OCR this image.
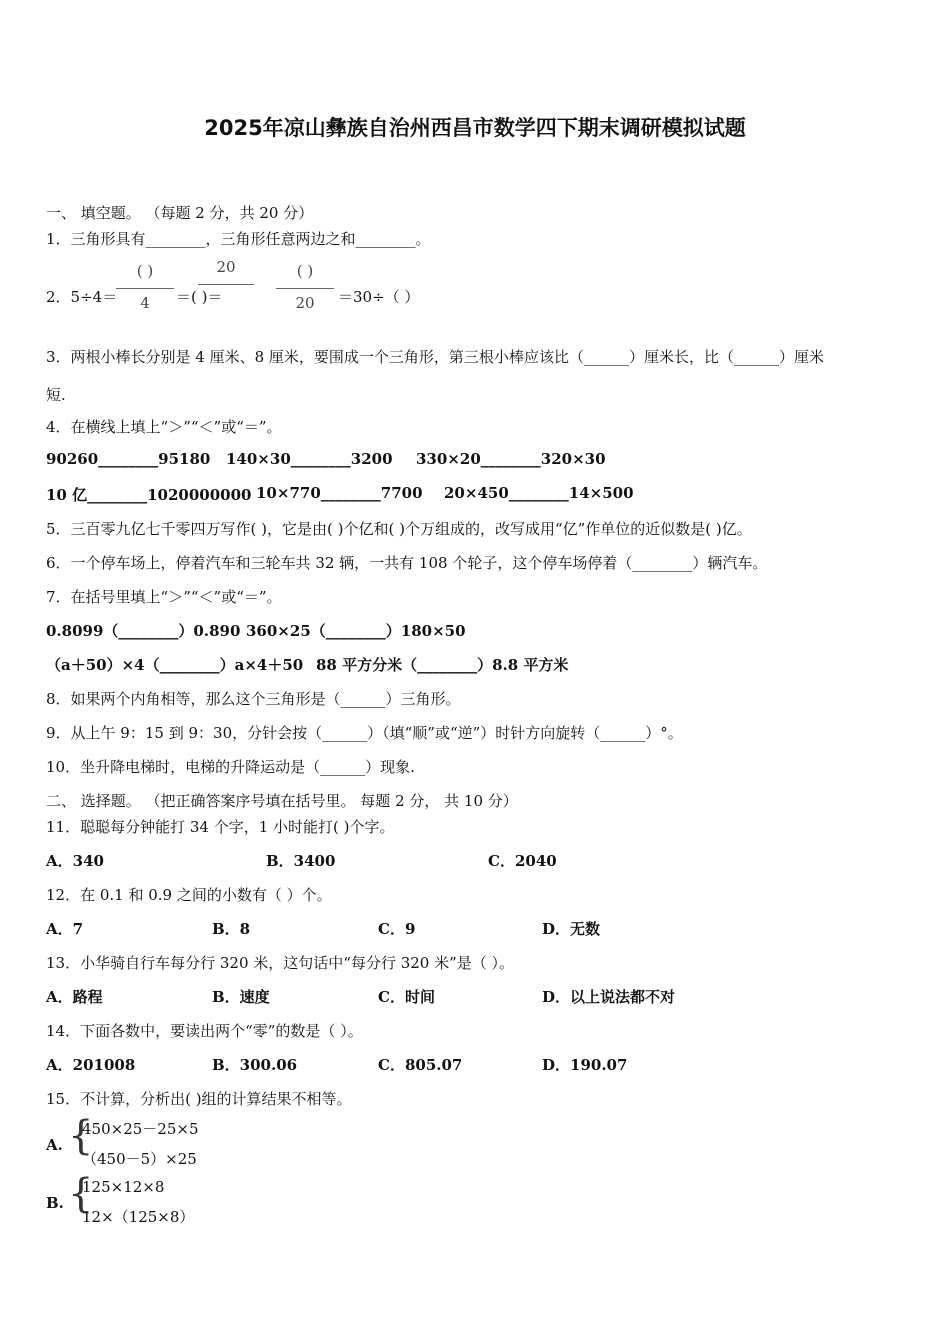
2025年凉山彝族自治州西昌市数学四下期末调研模拟试题
一、 填空题。 （每题 2 分，共 20 分）
1．三角形具有________，三角形任意两边之和________。
2．5÷4＝
( )
4	＝( )＝
20	( )
20	＝30÷（ ）
3．两根小棒长分别是 4 厘米、8 厘米，要围成一个三角形，第三根小棒应该比（______）厘米长，比（______）厘米
短.
4．在横线上填上“＞”“＜”或“＝”。
90260________95180 140×30________3200 330×20________320×30
10 亿________1020000000 10×770________7700 20×450________14×500
5．三百零九亿七千零四万写作( )，它是由( )个亿和( )个万组成的，改写成用“亿”作单位的近似数是( )亿。
6．一个停车场上，停着汽车和三轮车共 32 辆，一共有 108 个轮子，这个停车场停着（________）辆汽车。
7．在括号里填上“＞”“＜”或“＝”。
0.8099（________）0.890 360×25（________）180×50
（a＋50）×4（________）a×4＋50 88 平方分米（________）8.8 平方米
8．如果两个内角相等，那么这个三角形是（______）三角形。
9．从上午 9：15 到 9：30，分针会按（______）（填“顺”或“逆”）时针方向旋转（______）°。
10．坐升降电梯时，电梯的升降运动是（______）现象.
二、 选择题。 （把正确答案序号填在括号里。 每题 2 分， 共 10 分）
11．聪聪每分钟能打 34 个字，1 小时能打( )个字。
A．340	B．3400	C．2040
12．在 0.1 和 0.9 之间的小数有（ ）个。
A．7	B．8	C．9	D．无数
13．小华骑自行车每分行 320 米，这句话中“每分行 320 米”是（ ）。
A．路程	B．速度	C．时间	D．以上说法都不对
14．下面各数中，要读出两个“零”的数是（ ）。
A．201008	B．300.06	C．805.07	D．190.07
15．不计算，分析出( )组的计算结果不相等。
A. {
450×25－25×5
（450－5）×25
B. {
125×12×8
12×（125×8）
